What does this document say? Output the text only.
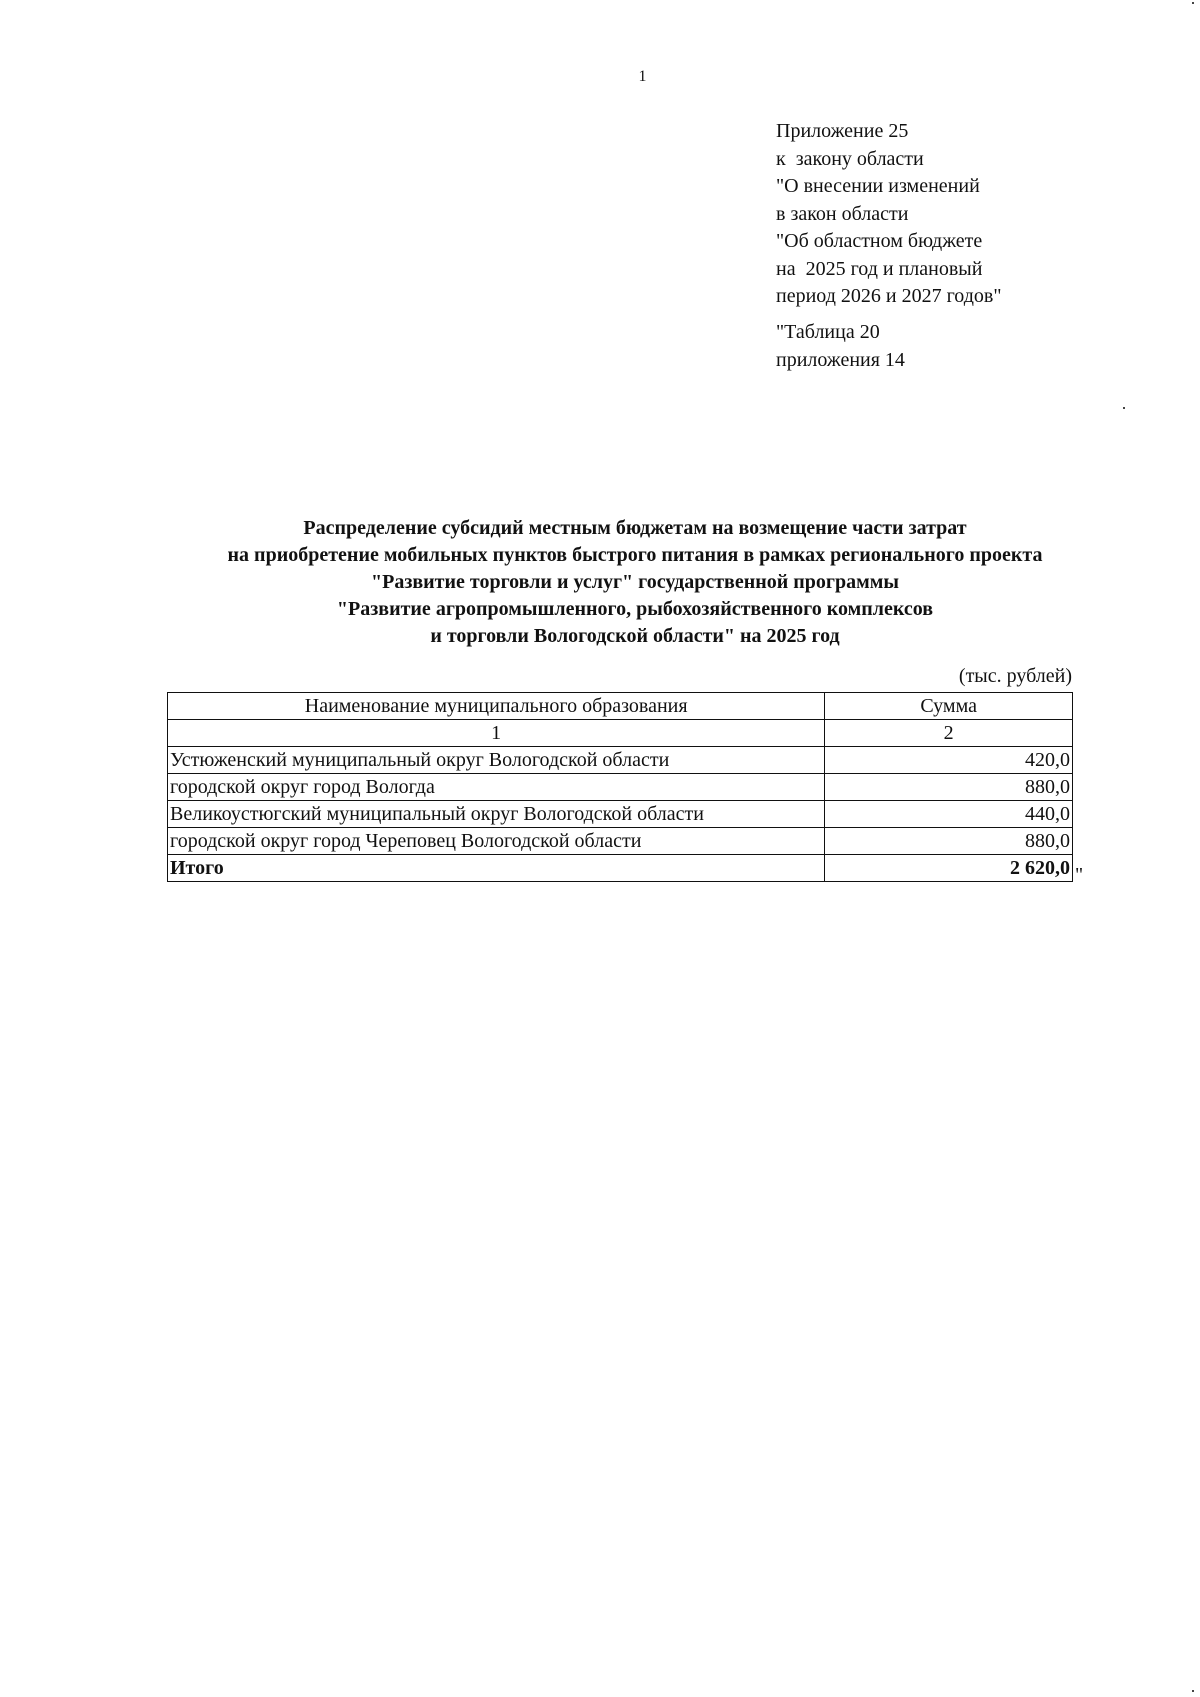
1
Приложение 25
к  закону области
"О внесении изменений
в закон области
"Об областном бюджете
на  2025 год и плановый
период 2026 и 2027 годов"
"Таблица 20
приложения 14
Распределение субсидий местным бюджетам на возмещение части затрат
на приобретение мобильных пунктов быстрого питания в рамках регионального проекта
"Развитие торговли и услуг" государственной программы
"Развитие агропромышленного, рыбохозяйственного комплексов
и торговли Вологодской области" на 2025 год
(тыс. рублей)
Наименование муниципального образования	Сумма
1	2
Устюженский муниципальный округ Вологодской области	420,0
городской округ город Вологда	880,0
Великоустюгский муниципальный округ Вологодской области	440,0
городской округ город Череповец Вологодской области	880,0
Итого	2 620,0 "
